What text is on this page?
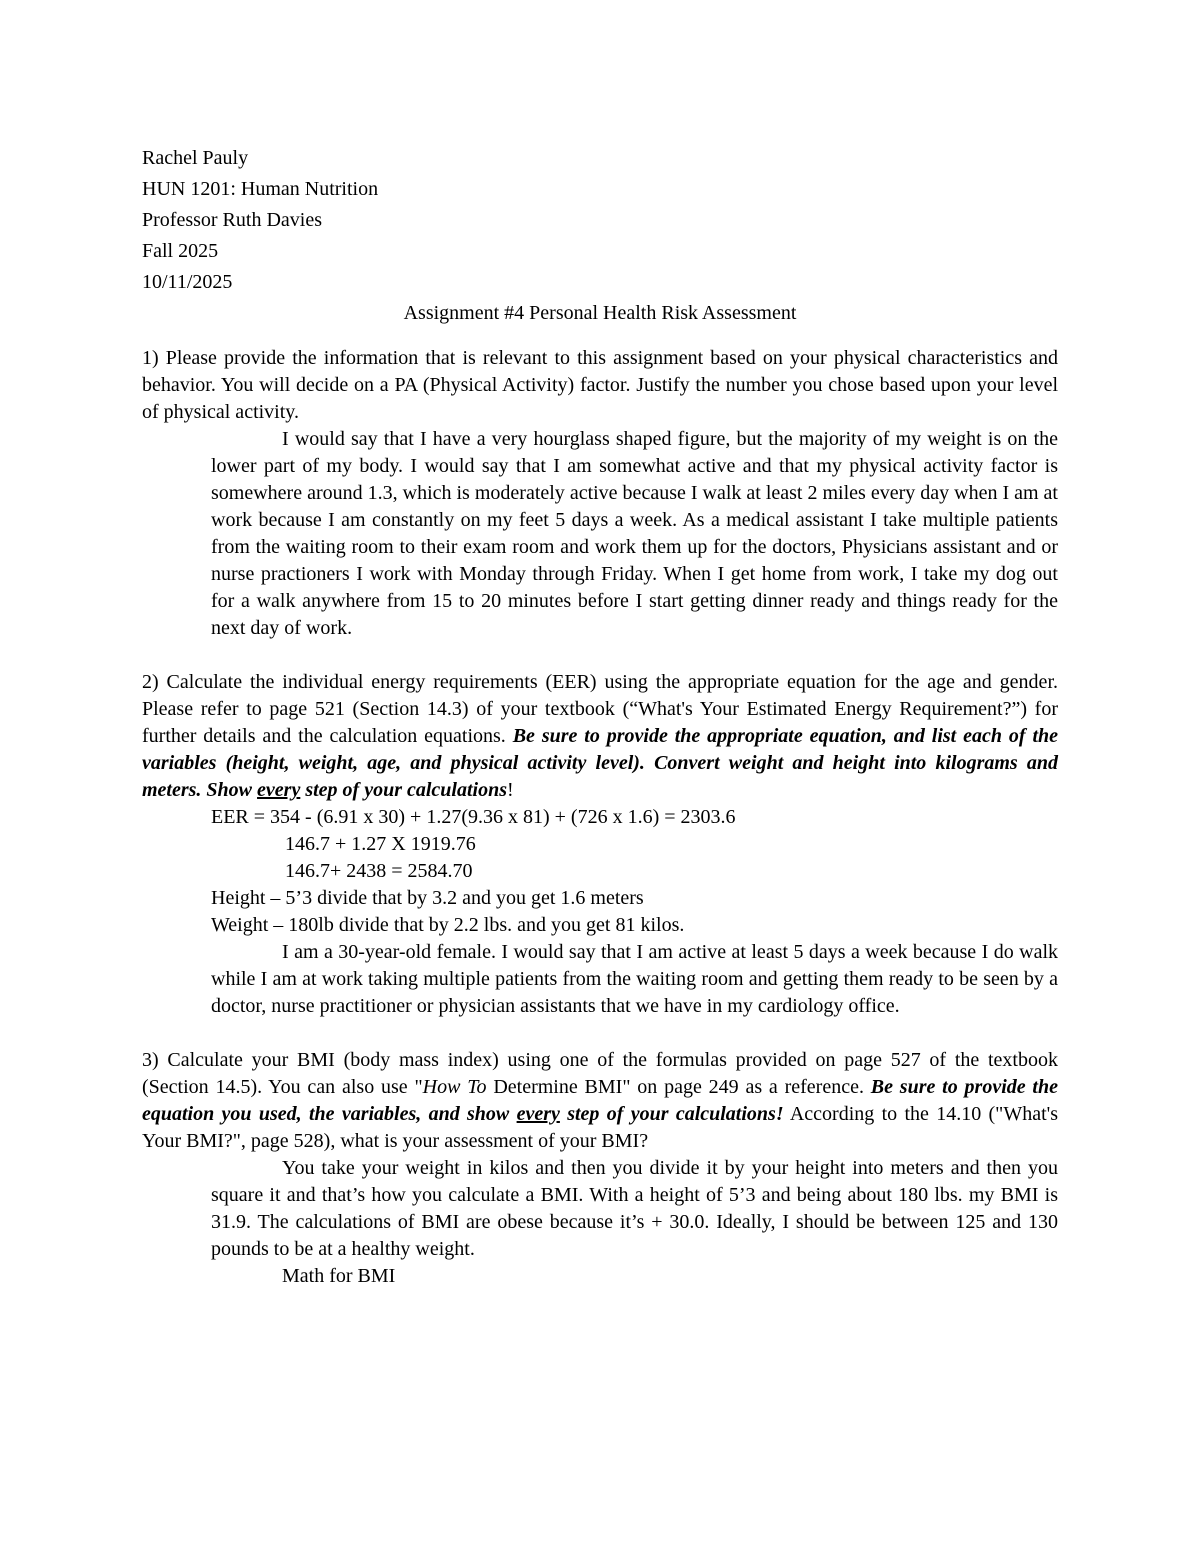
Rachel Pauly
HUN 1201: Human Nutrition
Professor Ruth Davies
Fall 2025
10/11/2025
Assignment #4 Personal Health Risk Assessment
1) Please provide the information that is relevant to this assignment based on your physical characteristics and behavior. You will decide on a PA (Physical Activity) factor. Justify the number you chose based upon your level of physical activity.
I would say that I have a very hourglass shaped figure, but the majority of my weight is on the lower part of my body. I would say that I am somewhat active and that my physical activity factor is somewhere around 1.3, which is moderately active because I walk at least 2 miles every day when I am at work because I am constantly on my feet 5 days a week. As a medical assistant I take multiple patients from the waiting room to their exam room and work them up for the doctors, Physicians assistant and or nurse practioners I work with Monday through Friday. When I get home from work, I take my dog out for a walk anywhere from 15 to 20 minutes before I start getting dinner ready and things ready for the next day of work.
2) Calculate the individual energy requirements (EER) using the appropriate equation for the age and gender. Please refer to page 521 (Section 14.3) of your textbook (“What's Your Estimated Energy Requirement?”) for further details and the calculation equations. Be sure to provide the appropriate equation, and list each of the variables (height, weight, age, and physical activity level). Convert weight and height into kilograms and meters. Show every step of your calculations!
EER = 354 - (6.91 x 30) + 1.27(9.36 x 81) + (726 x 1.6) = 2303.6
146.7 + 1.27 X 1919.76
146.7+ 2438 = 2584.70
Height – 5’3 divide that by 3.2 and you get 1.6 meters
Weight – 180lb divide that by 2.2 lbs. and you get 81 kilos.
I am a 30-year-old female. I would say that I am active at least 5 days a week because I do walk while I am at work taking multiple patients from the waiting room and getting them ready to be seen by a doctor, nurse practitioner or physician assistants that we have in my cardiology office.
3) Calculate your BMI (body mass index) using one of the formulas provided on page 527 of the textbook (Section 14.5). You can also use "How To Determine BMI" on page 249 as a reference. Be sure to provide the equation you used, the variables, and show every step of your calculations! According to the 14.10 ("What's Your BMI?", page 528), what is your assessment of your BMI?
You take your weight in kilos and then you divide it by your height into meters and then you square it and that’s how you calculate a BMI. With a height of 5’3 and being about 180 lbs. my BMI is 31.9. The calculations of BMI are obese because it’s + 30.0. Ideally, I should be between 125 and 130 pounds to be at a healthy weight.
Math for BMI
